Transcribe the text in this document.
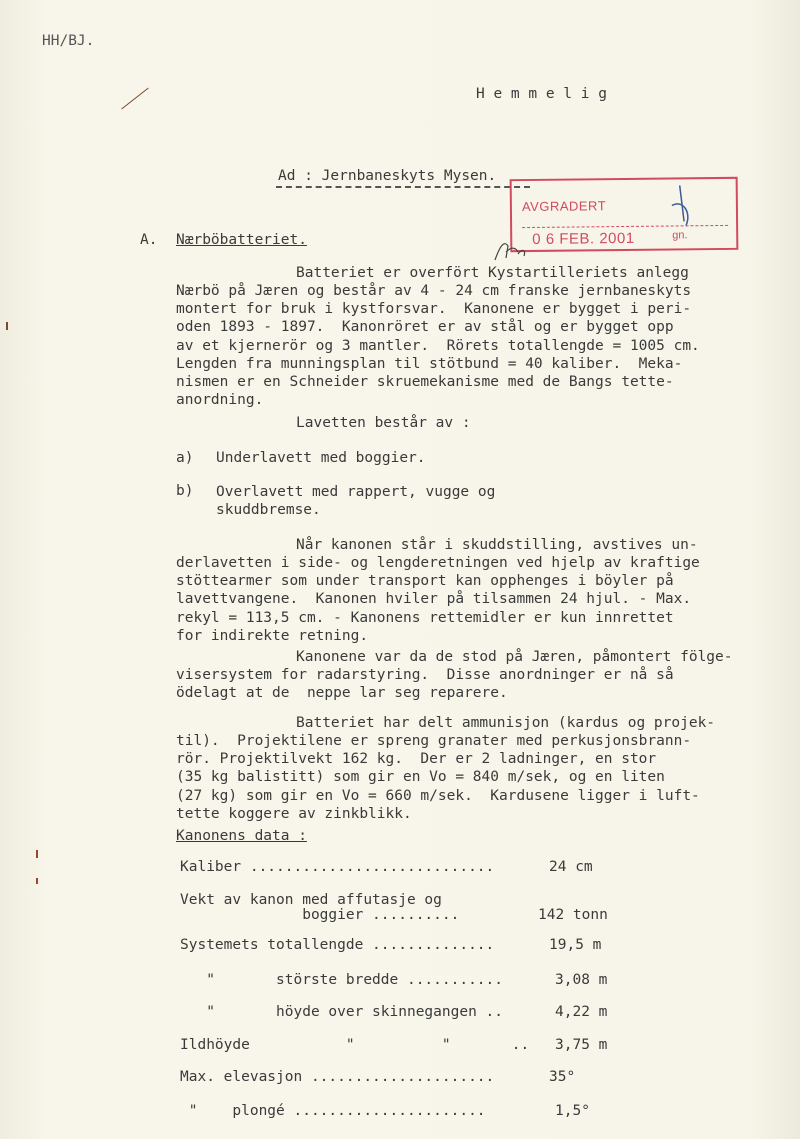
HH/BJ.
H e m m e l i g
Ad : Jernbaneskyts Mysen.
AVGRADERT
0 6 FEB. 2001	gn.
A. Nærböbatteriet.
Batteriet er overfört Kystartilleriets anlegg
Nærbö på Jæren og består av 4 - 24 cm franske jernbaneskyts
montert for bruk i kystforsvar.  Kanonene er bygget i peri-
oden 1893 - 1897.  Kanonröret er av stål og er bygget opp
av et kjernerör og 3 mantler.  Rörets totallengde = 1005 cm.
Lengden fra munningsplan til stötbund = 40 kaliber.  Meka-
nismen er en Schneider skruemekanisme med de Bangs tette-
anordning.
Lavetten består av :
a) Underlavett med boggier.
b) Overlavett med rappert, vugge og
skuddbremse.
Når kanonen står i skuddstilling, avstives un-
derlavetten i side- og lengderetningen ved hjelp av kraftige
stöttearmer som under transport kan opphenges i böyler på
lavettvangene.  Kanonen hviler på tilsammen 24 hjul. - Max.
rekyl = 113,5 cm. - Kanonens rettemidler er kun innrettet
for indirekte retning.
Kanonene var da de stod på Jæren, påmontert fölge-
visersystem for radarstyring.  Disse anordninger er nå så
ödelagt at de  neppe lar seg reparere.
Batteriet har delt ammunisjon (kardus og projek-
til).  Projektilene er spreng granater med perkusjonsbrann-
rör. Projektilvekt 162 kg.  Der er 2 ladninger, en stor
(35 kg balistitt) som gir en Vo = 840 m/sek, og en liten
(27 kg) som gir en Vo = 660 m/sek.  Kardusene ligger i luft-
tette koggere av zinkblikk.
Kanonens data :
Kaliber ............................	24 cm
Vekt av kanon med affutasje og
boggier ..........	142 tonn
Systemets totallengde ..............	19,5 m
"       störste bredde ...........	3,08 m
"       höyde over skinnegangen ..	4,22 m
Ildhöyde           "          "       .. 3,75 m
Max. elevasjon .....................	35°
"    plongé ......................	1,5°
